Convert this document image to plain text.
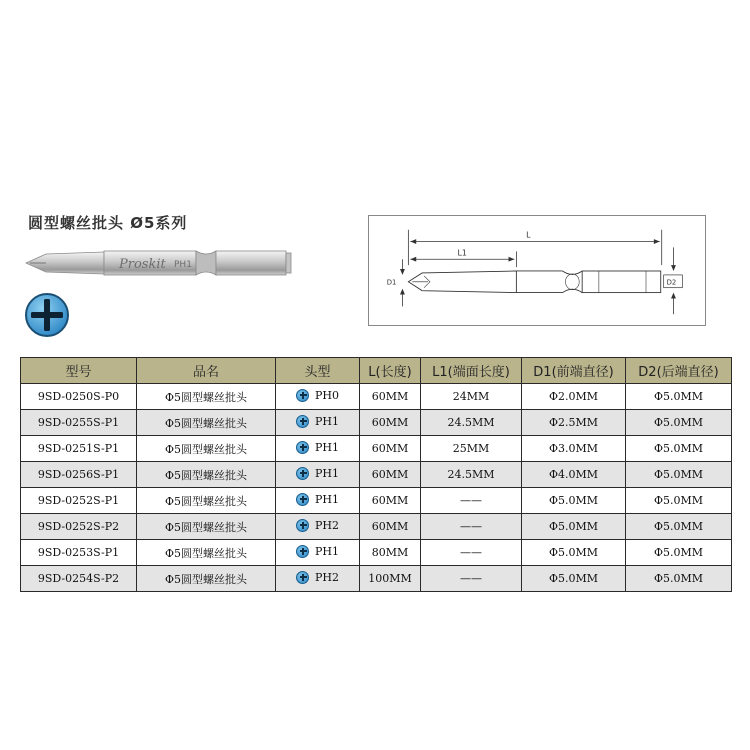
圆型螺丝批头 Ø5系列
Proskit PH1
L
L1
D1	D2
型号	品名	头型	L(长度)	L1(端面长度)	D1(前端直径)	D2(后端直径)
9SD-0250S-P0	Φ5圆型螺丝批头	PH0	60MM	24MM	Φ2.0MM	Φ5.0MM
9SD-0255S-P1	Φ5圆型螺丝批头	PH1	60MM	24.5MM	Φ2.5MM	Φ5.0MM
9SD-0251S-P1	Φ5圆型螺丝批头	PH1	60MM	25MM	Φ3.0MM	Φ5.0MM
9SD-0256S-P1	Φ5圆型螺丝批头	PH1	60MM	24.5MM	Φ4.0MM	Φ5.0MM
9SD-0252S-P1	Φ5圆型螺丝批头	PH1	60MM	——	Φ5.0MM	Φ5.0MM
9SD-0252S-P2	Φ5圆型螺丝批头	PH2	60MM	——	Φ5.0MM	Φ5.0MM
9SD-0253S-P1	Φ5圆型螺丝批头	PH1	80MM	——	Φ5.0MM	Φ5.0MM
9SD-0254S-P2	Φ5圆型螺丝批头	PH2	100MM	——	Φ5.0MM	Φ5.0MM
